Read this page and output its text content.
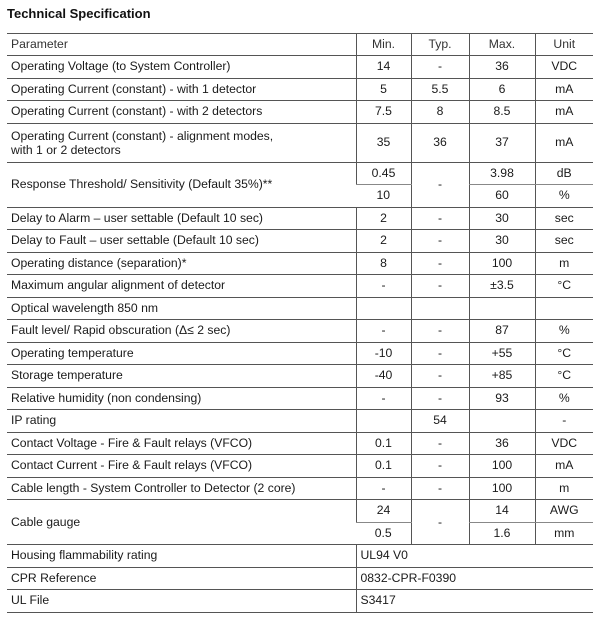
Technical Specification
Parameter	Min.	Typ.	Max.	Unit
Operating Voltage (to System Controller)	14	-	36	VDC
Operating Current (constant) - with 1 detector	5	5.5	6	mA
Operating Current (constant) - with 2 detectors	7.5	8	8.5	mA
Operating Current (constant) - alignment modes,
with 1 or 2 detectors	35	36	37	mA
Response Threshold/ Sensitivity (Default 35%)**	0.45	-	3.98	dB
	10		60	%
Delay to Alarm – user settable (Default 10 sec)	2	-	30	sec
Delay to Fault – user settable (Default 10 sec)	2	-	30	sec
Operating distance (separation)*	8	-	100	m
Maximum angular alignment of detector	-	-	±3.5	°C
Optical wavelength 850 nm				
Fault level/ Rapid obscuration (Δ≤ 2 sec)	-	-	87	%
Operating temperature	-10	-	+55	°C
Storage temperature	-40	-	+85	°C
Relative humidity (non condensing)	-	-	93	%
IP rating		54		-
Contact Voltage - Fire & Fault relays (VFCO)	0.1	-	36	VDC
Contact Current - Fire & Fault relays (VFCO)	0.1	-	100	mA
Cable length - System Controller to Detector (2 core)	-	-	100	m
Cable gauge	24	-	14	AWG
	0.5		1.6	mm
Housing flammability rating	UL94 V0			
CPR Reference	0832-CPR-F0390			
UL File	S3417			
